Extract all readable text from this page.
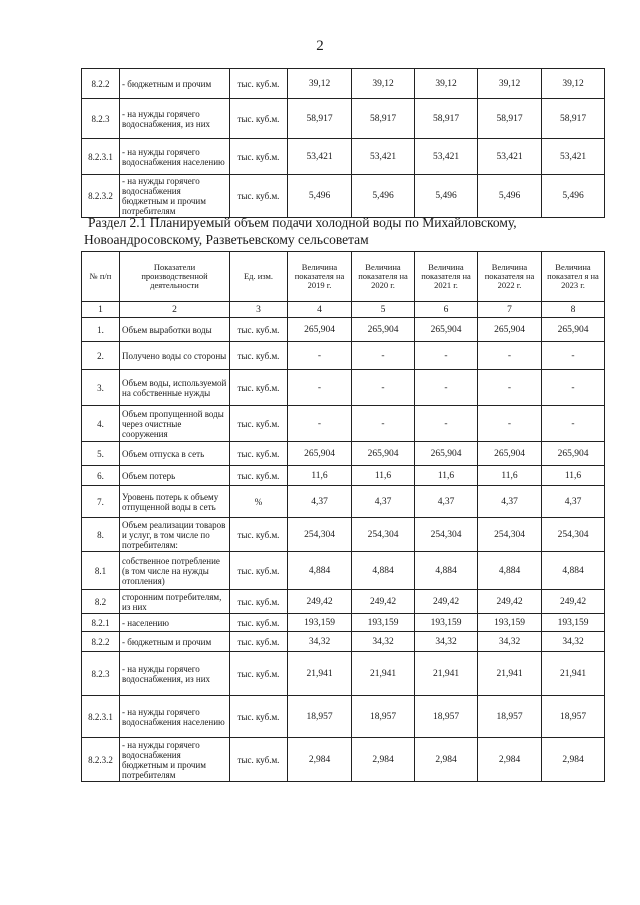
2
8.2.2	- бюджетным и прочим	тыс. куб.м.	39,12	39,12	39,12	39,12	39,12
8.2.3	- на нужды горячего водоснабжения, из них	тыс. куб.м.	58,917	58,917	58,917	58,917	58,917
8.2.3.1	- на нужды горячего водоснабжения населению	тыс. куб.м.	53,421	53,421	53,421	53,421	53,421
8.2.3.2	- на нужды горячего водоснабжения бюджетным и прочим потребителям	тыс. куб.м.	5,496	5,496	5,496	5,496	5,496
Раздел 2.1 Планируемый объем подачи холодной воды по Михайловскому,
Новоандросовскому, Разветьевскому сельсоветам
№ п/п	Показатели производственной деятельности	Ед. изм.	Величина показателя на 2019 г.	Величина показателя на 2020 г.	Величина показателя на 2021 г.	Величина показателя на 2022 г.	Величина показател я на 2023 г.
1	2	3	4	5	6	7	8
1.	Объем выработки воды	тыс. куб.м.	265,904	265,904	265,904	265,904	265,904
2.	Получено воды со стороны	тыс. куб.м.	-	-	-	-	-
3.	Объем воды, используемой на собственные нужды	тыс. куб.м.	-	-	-	-	-
4.	Объем пропущенной воды через очистные сооружения	тыс. куб.м.	-	-	-	-	-
5.	Объем отпуска в сеть	тыс. куб.м.	265,904	265,904	265,904	265,904	265,904
6.	Объем потерь	тыс. куб.м.	11,6	11,6	11,6	11,6	11,6
7.	Уровень потерь к объему отпущенной воды в сеть	%	4,37	4,37	4,37	4,37	4,37
8.	Объем реализации товаров и услуг, в том числе по потребителям:	тыс. куб.м.	254,304	254,304	254,304	254,304	254,304
8.1	собственное потребление (в том числе на нужды отопления)	тыс. куб.м.	4,884	4,884	4,884	4,884	4,884
8.2	сторонним потребителям, из них	тыс. куб.м.	249,42	249,42	249,42	249,42	249,42
8.2.1	- населению	тыс. куб.м.	193,159	193,159	193,159	193,159	193,159
8.2.2	- бюджетным и прочим	тыс. куб.м.	34,32	34,32	34,32	34,32	34,32
8.2.3	- на нужды горячего водоснабжения, из них	тыс. куб.м.	21,941	21,941	21,941	21,941	21,941
8.2.3.1	- на нужды горячего водоснабжения населению	тыс. куб.м.	18,957	18,957	18,957	18,957	18,957
8.2.3.2	- на нужды горячего водоснабжения бюджетным и прочим потребителям	тыс. куб.м.	2,984	2,984	2,984	2,984	2,984
